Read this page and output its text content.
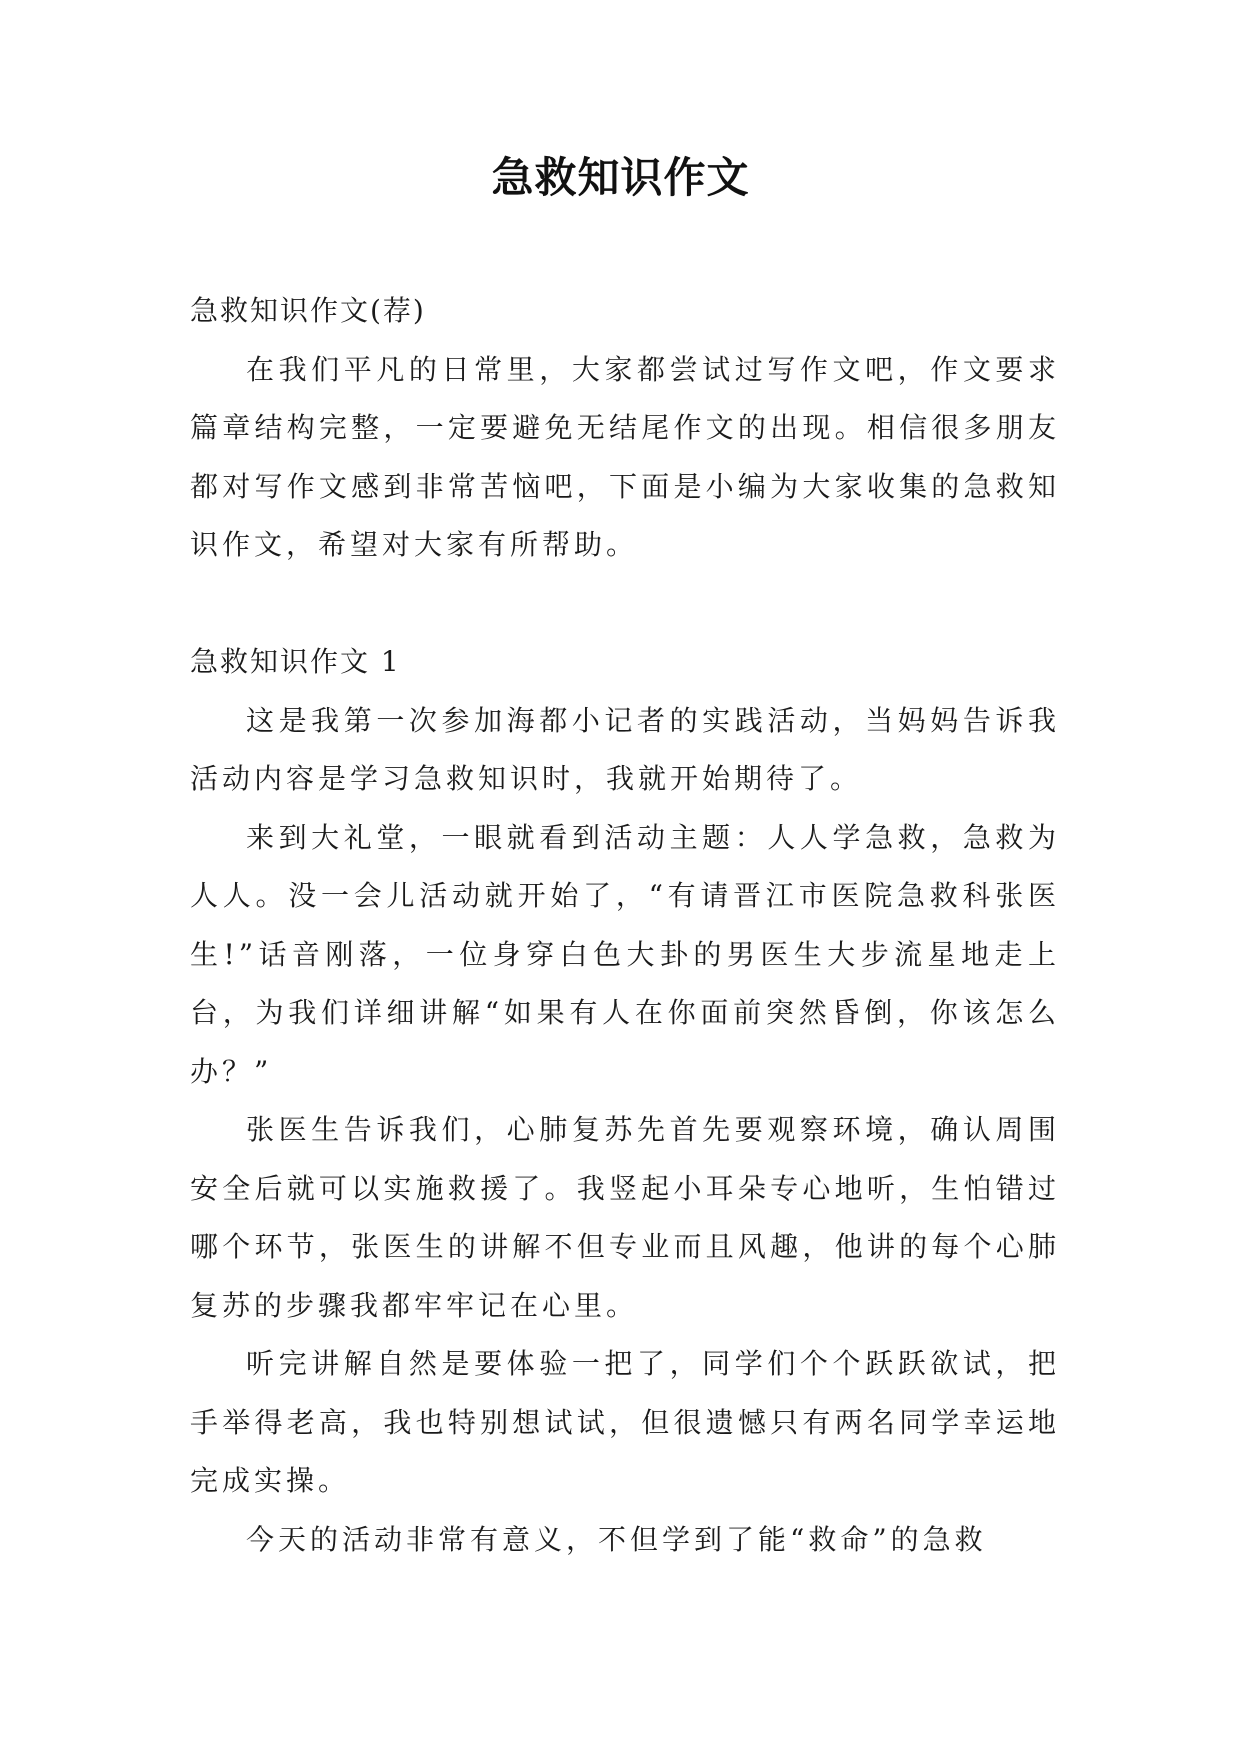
急救知识作文

急救知识作文(荐)

在我们平凡的日常里，大家都尝试过写作文吧，作文要求篇章结构完整，一定要避免无结尾作文的出现。相信很多朋友都对写作文感到非常苦恼吧，下面是小编为大家收集的急救知识作文，希望对大家有所帮助。

急救知识作文 1

这是我第一次参加海都小记者的实践活动，当妈妈告诉我活动内容是学习急救知识时，我就开始期待了。

来到大礼堂，一眼就看到活动主题：人人学急救，急救为人人。没一会儿活动就开始了，“有请晋江市医院急救科张医生!”话音刚落，一位身穿白色大卦的男医生大步流星地走上台，为我们详细讲解“如果有人在你面前突然昏倒，你该怎么办？”

张医生告诉我们，心肺复苏先首先要观察环境，确认周围安全后就可以实施救援了。我竖起小耳朵专心地听，生怕错过哪个环节，张医生的讲解不但专业而且风趣，他讲的每个心肺复苏的步骤我都牢牢记在心里。

听完讲解自然是要体验一把了，同学们个个跃跃欲试，把手举得老高，我也特别想试试，但很遗憾只有两名同学幸运地完成实操。

今天的活动非常有意义，不但学到了能“救命”的急救
